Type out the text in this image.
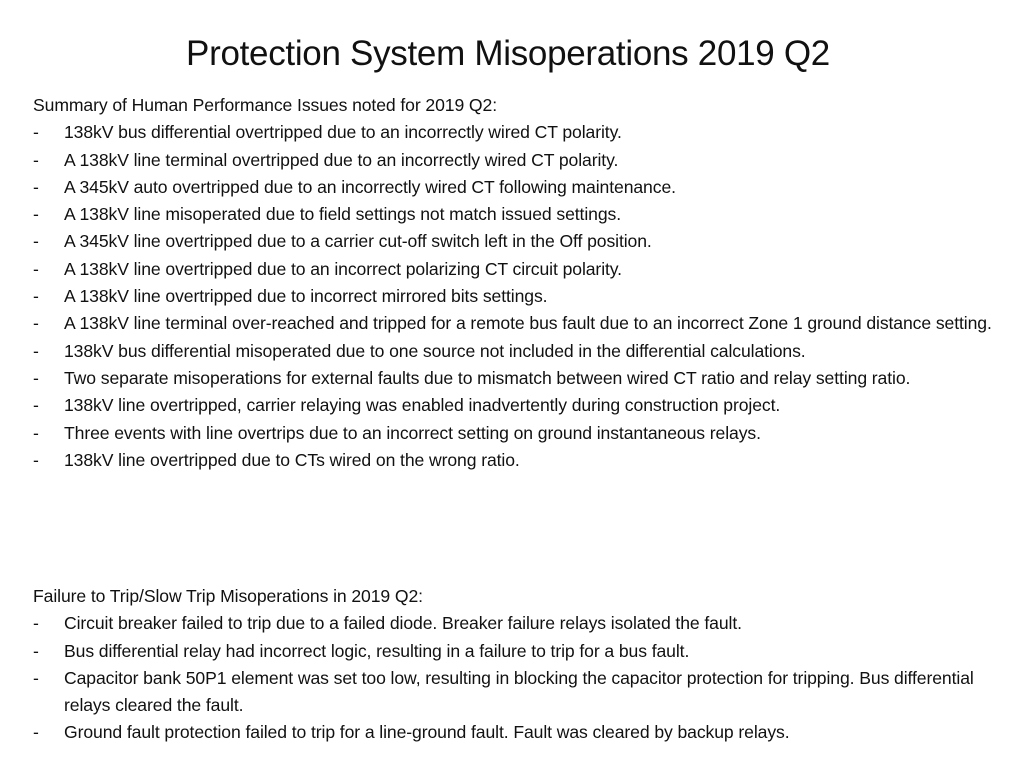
Protection System Misoperations 2019 Q2

Summary of Human Performance Issues noted for 2019 Q2:

- 138kV bus differential overtripped due to an incorrectly wired CT polarity.
- A 138kV line terminal overtripped due to an incorrectly wired CT polarity.
- A 345kV auto overtripped due to an incorrectly wired CT following maintenance.
- A 138kV line misoperated due to field settings not match issued settings.
- A 345kV line overtripped due to a carrier cut-off switch left in the Off position.
- A 138kV line overtripped due to an incorrect polarizing CT circuit polarity.
- A 138kV line overtripped due to incorrect mirrored bits settings.
- A 138kV line terminal over-reached and tripped for a remote bus fault due to an incorrect Zone 1 ground distance setting.
- 138kV bus differential misoperated due to one source not included in the differential calculations.
- Two separate misoperations for external faults due to mismatch between wired CT ratio and relay setting ratio.
- 138kV line overtripped, carrier relaying was enabled inadvertently during construction project.
- Three events with line overtrips due to an incorrect setting on ground instantaneous relays.
- 138kV line overtripped due to CTs wired on the wrong ratio.

Failure to Trip/Slow Trip Misoperations in 2019 Q2:

- Circuit breaker failed to trip due to a failed diode. Breaker failure relays isolated the fault.
- Bus differential relay had incorrect logic, resulting in a failure to trip for a bus fault.
- Capacitor bank 50P1 element was set too low, resulting in blocking the capacitor protection for tripping. Bus differential relays cleared the fault.
- Ground fault protection failed to trip for a line-ground fault. Fault was cleared by backup relays.
